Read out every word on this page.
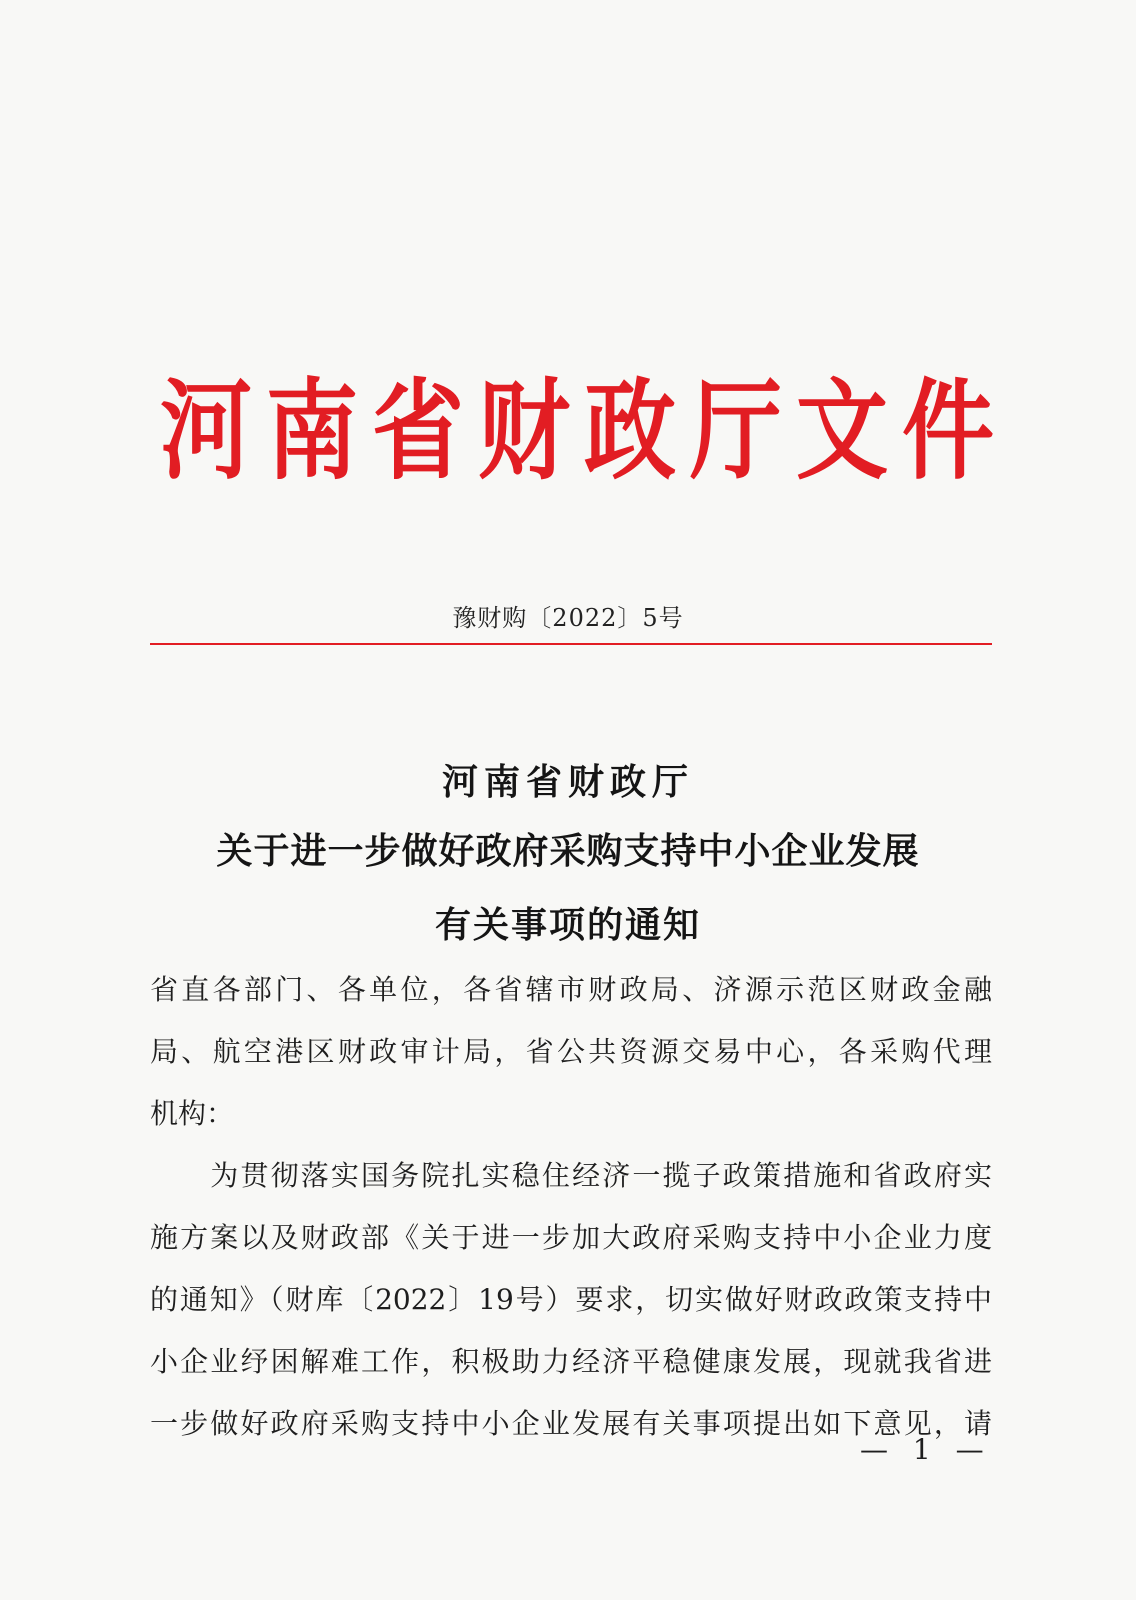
河南省财政厅文件
豫财购〔2022〕5号
河南省财政厅
关于进一步做好政府采购支持中小企业发展
有关事项的通知
省直各部门、各单位，各省辖市财政局、济源示范区财政金融
局、航空港区财政审计局，省公共资源交易中心，各采购代理
机构：
　　为贯彻落实国务院扎实稳住经济一揽子政策措施和省政府实
施方案以及财政部《关于进一步加大政府采购支持中小企业力度
的通知》（财库〔2022〕19号）要求，切实做好财政政策支持中
小企业纾困解难工作，积极助力经济平稳健康发展，现就我省进
一步做好政府采购支持中小企业发展有关事项提出如下意见，请
— 1 —
